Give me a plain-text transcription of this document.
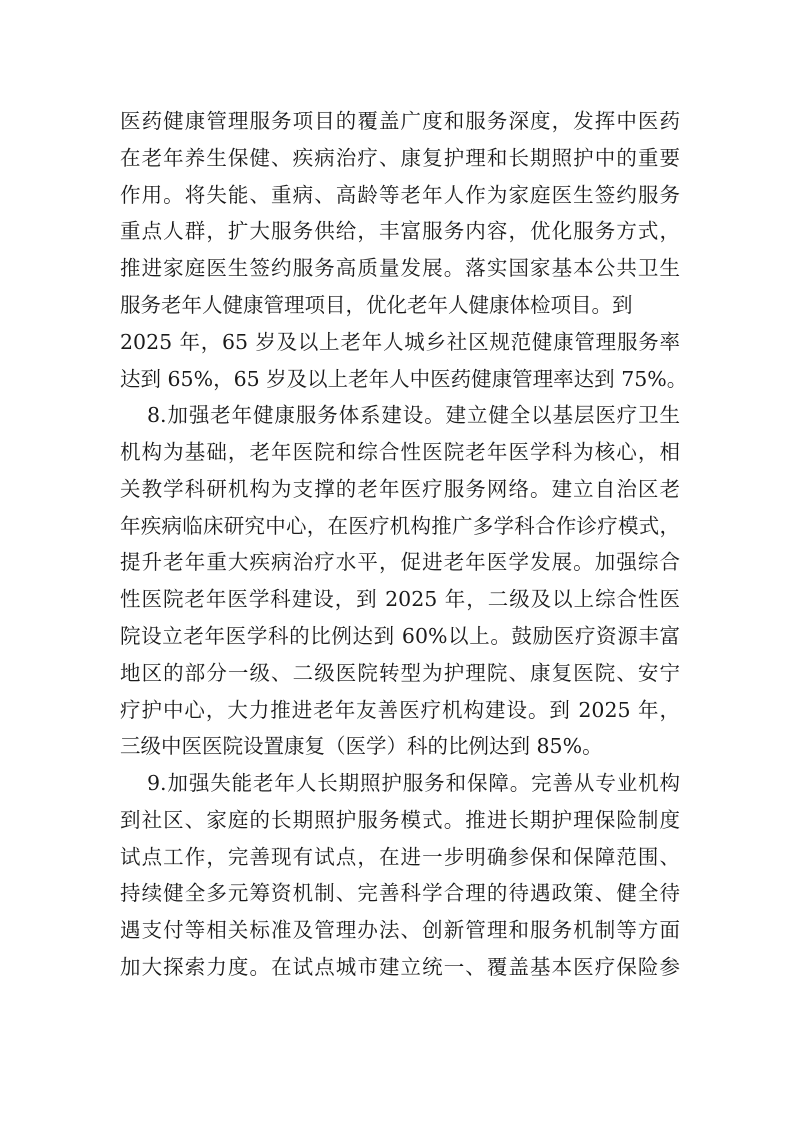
医药健康管理服务项目的覆盖广度和服务深度，发挥中医药
在老年养生保健、疾病治疗、康复护理和长期照护中的重要
作用。将失能、重病、高龄等老年人作为家庭医生签约服务
重点人群，扩大服务供给，丰富服务内容，优化服务方式，
推进家庭医生签约服务高质量发展。落实国家基本公共卫生
服务老年人健康管理项目，优化老年人健康体检项目。到
2025 年，65 岁及以上老年人城乡社区规范健康管理服务率
达到 65%，65 岁及以上老年人中医药健康管理率达到 75%。
8.加强老年健康服务体系建设。建立健全以基层医疗卫生
机构为基础，老年医院和综合性医院老年医学科为核心，相
关教学科研机构为支撑的老年医疗服务网络。建立自治区老
年疾病临床研究中心，在医疗机构推广多学科合作诊疗模式，
提升老年重大疾病治疗水平，促进老年医学发展。加强综合
性医院老年医学科建设，到 2025 年，二级及以上综合性医
院设立老年医学科的比例达到 60%以上。鼓励医疗资源丰富
地区的部分一级、二级医院转型为护理院、康复医院、安宁
疗护中心，大力推进老年友善医疗机构建设。到 2025 年，
三级中医医院设置康复（医学）科的比例达到 85%。
9.加强失能老年人长期照护服务和保障。完善从专业机构
到社区、家庭的长期照护服务模式。推进长期护理保险制度
试点工作，完善现有试点，在进一步明确参保和保障范围、
持续健全多元筹资机制、完善科学合理的待遇政策、健全待
遇支付等相关标准及管理办法、创新管理和服务机制等方面
加大探索力度。在试点城市建立统一、覆盖基本医疗保险参
